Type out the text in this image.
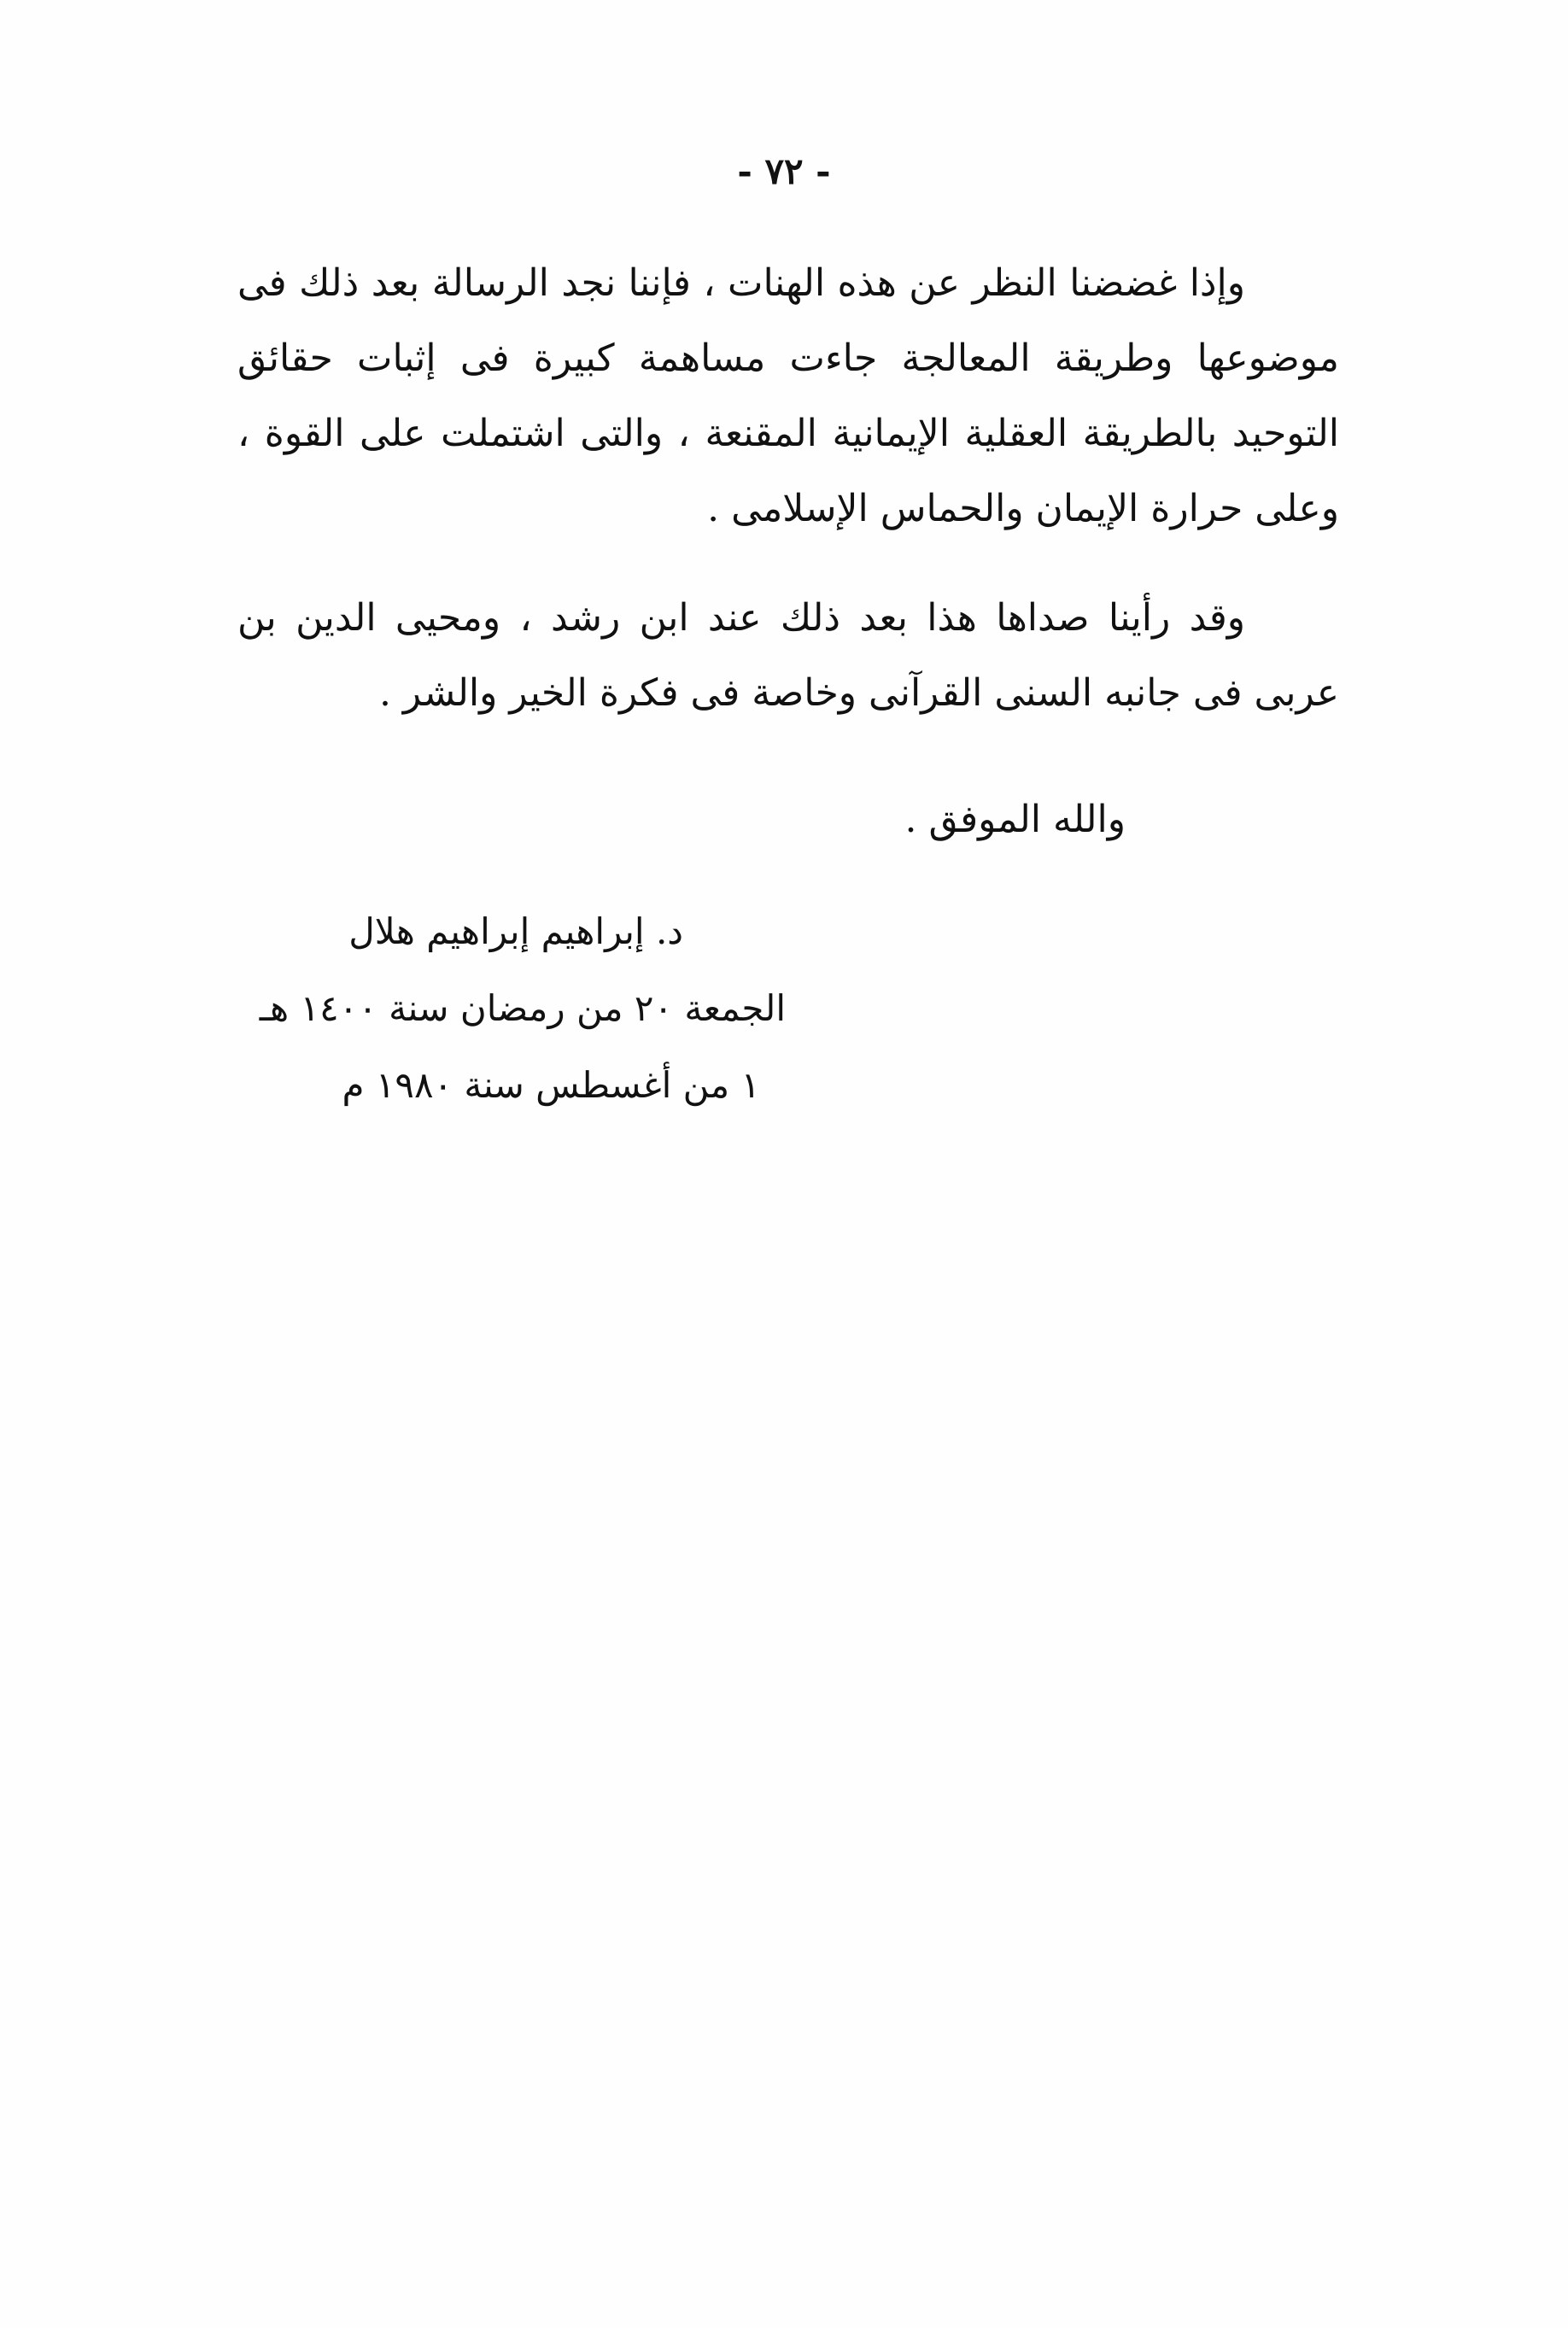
- ٧٢ -

وإذا غضضنا النظر عن هذه الهنات ، فإننا نجد الرسالة بعد ذلك فى موضوعها وطريقة المعالجة جاءت مساهمة كبيرة فى إثبات حقائق التوحيد بالطريقة العقلية الإيمانية المقنعة ، والتى اشتملت على القوة ، وعلى حرارة الإيمان والحماس الإسلامى .

وقد رأينا صداها هذا بعد ذلك عند ابن رشد ، ومحيى الدين بن عربى فى جانبه السنى القرآنى وخاصة فى فكرة الخير والشر .

والله الموفق .
د. إبراهيم إبراهيم هلال
الجمعة ٢٠ من رمضان سنة ١٤٠٠ هـ
١ من أغسطس سنة ١٩٨٠ م
